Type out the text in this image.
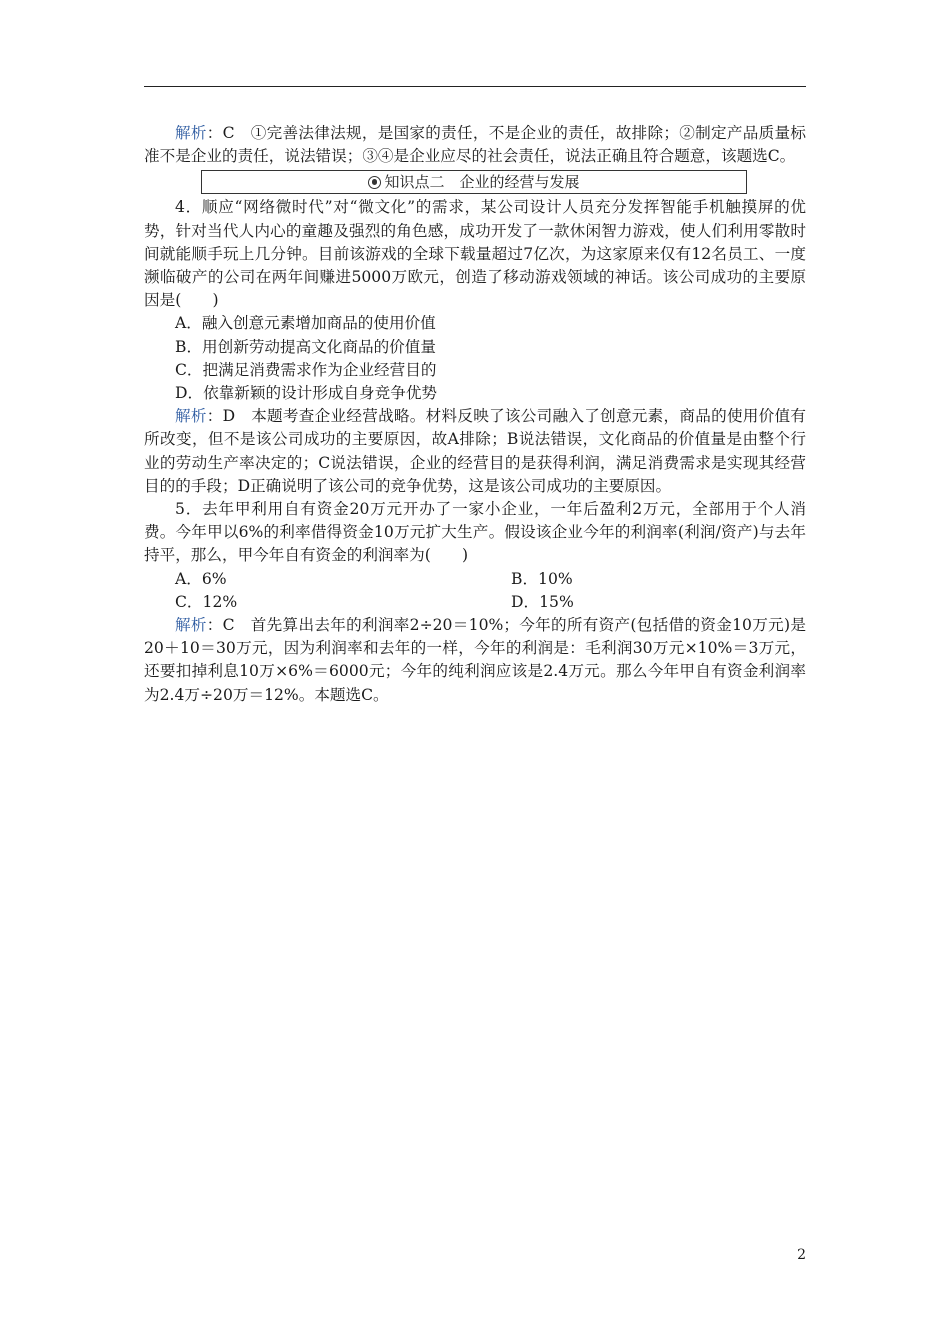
解析：C　①完善法律法规，是国家的责任，不是企业的责任，故排除；②制定产品质量标准不是企业的责任，说法错误；③④是企业应尽的社会责任，说法正确且符合题意，该题选C。

知识点二　企业的经营与发展

4．顺应“网络微时代”对“微文化”的需求，某公司设计人员充分发挥智能手机触摸屏的优势，针对当代人内心的童趣及强烈的角色感，成功开发了一款休闲智力游戏，使人们利用零散时间就能顺手玩上几分钟。目前该游戏的全球下载量超过7亿次，为这家原来仅有12名员工、一度濒临破产的公司在两年间赚进5000万欧元，创造了移动游戏领域的神话。该公司成功的主要原因是(　　)

A．融入创意元素增加商品的使用价值

B．用创新劳动提高文化商品的价值量

C．把满足消费需求作为企业经营目的

D．依靠新颖的设计形成自身竞争优势

解析：D　本题考查企业经营战略。材料反映了该公司融入了创意元素，商品的使用价值有所改变，但不是该公司成功的主要原因，故A排除；B说法错误，文化商品的价值量是由整个行业的劳动生产率决定的；C说法错误，企业的经营目的是获得利润，满足消费需求是实现其经营目的的手段；D正确说明了该公司的竞争优势，这是该公司成功的主要原因。

5．去年甲利用自有资金20万元开办了一家小企业，一年后盈利2万元，全部用于个人消费。今年甲以6%的利率借得资金10万元扩大生产。假设该企业今年的利润率(利润/资产)与去年持平，那么，甲今年自有资金的利润率为(　　)

A．6%	B．10%
C．12%	D．15%

解析：C　首先算出去年的利润率2÷20＝10%；今年的所有资产(包括借的资金10万元)是20＋10＝30万元，因为利润率和去年的一样，今年的利润是：毛利润30万元×10%＝3万元，还要扣掉利息10万×6%＝6000元；今年的纯利润应该是2.4万元。那么今年甲自有资金利润率为2.4万÷20万＝12%。本题选C。

2
